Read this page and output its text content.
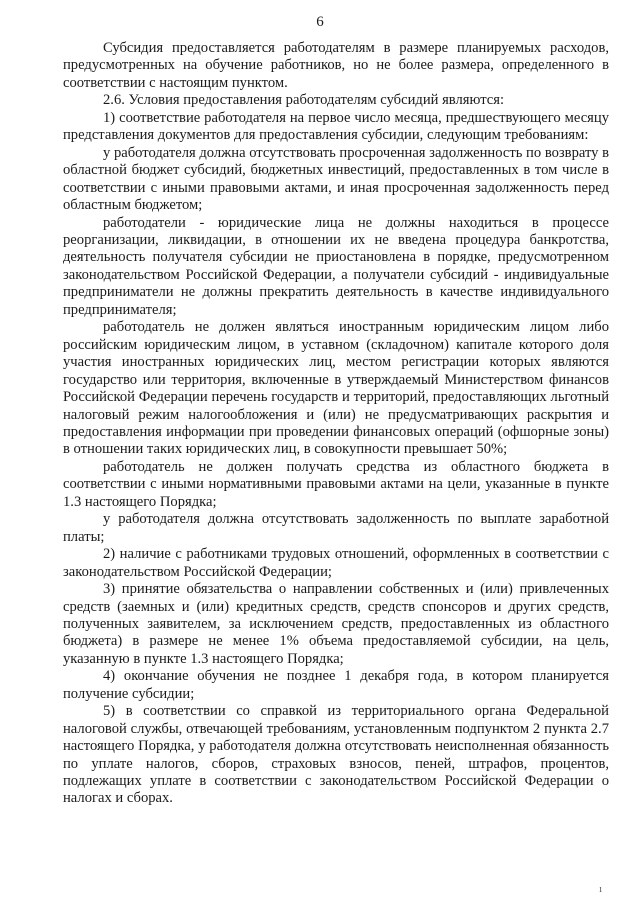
6

Субсидия предоставляется работодателям в размере планируемых расходов, предусмотренных на обучение работников, но не более размера, определенного в соответствии с настоящим пунктом.

2.6. Условия предоставления работодателям субсидий являются:

1) соответствие работодателя на первое число месяца, предшествующего месяцу представления документов для предоставления субсидии, следующим требованиям:

у работодателя должна отсутствовать просроченная задолженность по возврату в областной бюджет субсидий, бюджетных инвестиций, предоставленных в том числе в соответствии с иными правовыми актами, и иная просроченная задолженность перед областным бюджетом;

работодатели - юридические лица не должны находиться в процессе реорганизации, ликвидации, в отношении их не введена процедура банкротства, деятельность получателя субсидии не приостановлена в порядке, предусмотренном законодательством Российской Федерации, а получатели субсидий - индивидуальные предприниматели не должны прекратить деятельность в качестве индивидуального предпринимателя;

работодатель не должен являться иностранным юридическим лицом либо российским юридическим лицом, в уставном (складочном) капитале которого доля участия иностранных юридических лиц, местом регистрации которых являются государство или территория, включенные в утверждаемый Министерством финансов Российской Федерации перечень государств и территорий, предоставляющих льготный налоговый режим налогообложения и (или) не предусматривающих раскрытия и предоставления информации при проведении финансовых операций (офшорные зоны) в отношении таких юридических лиц, в совокупности превышает 50%;

работодатель не должен получать средства из областного бюджета в соответствии с иными нормативными правовыми актами на цели, указанные в пункте 1.3 настоящего Порядка;

у работодателя должна отсутствовать задолженность по выплате заработной платы;

2) наличие с работниками трудовых отношений, оформленных в соответствии с законодательством Российской Федерации;

3) принятие обязательства о направлении собственных и (или) привлеченных средств (заемных и (или) кредитных средств, средств спонсоров и других средств, полученных заявителем, за исключением средств, предоставленных из областного бюджета) в размере не менее 1% объема предоставляемой субсидии, на цель, указанную в пункте 1.3 настоящего Порядка;

4) окончание обучения не позднее 1 декабря года, в котором планируется получение субсидии;

5) в соответствии со справкой из территориального органа Федеральной налоговой службы, отвечающей требованиям, установленным подпунктом 2 пункта 2.7 настоящего Порядка, у работодателя должна отсутствовать неисполненная обязанность по уплате налогов, сборов, страховых взносов, пеней, штрафов, процентов, подлежащих уплате в соответствии с законодательством Российской Федерации о налогах и сборах.

ı
